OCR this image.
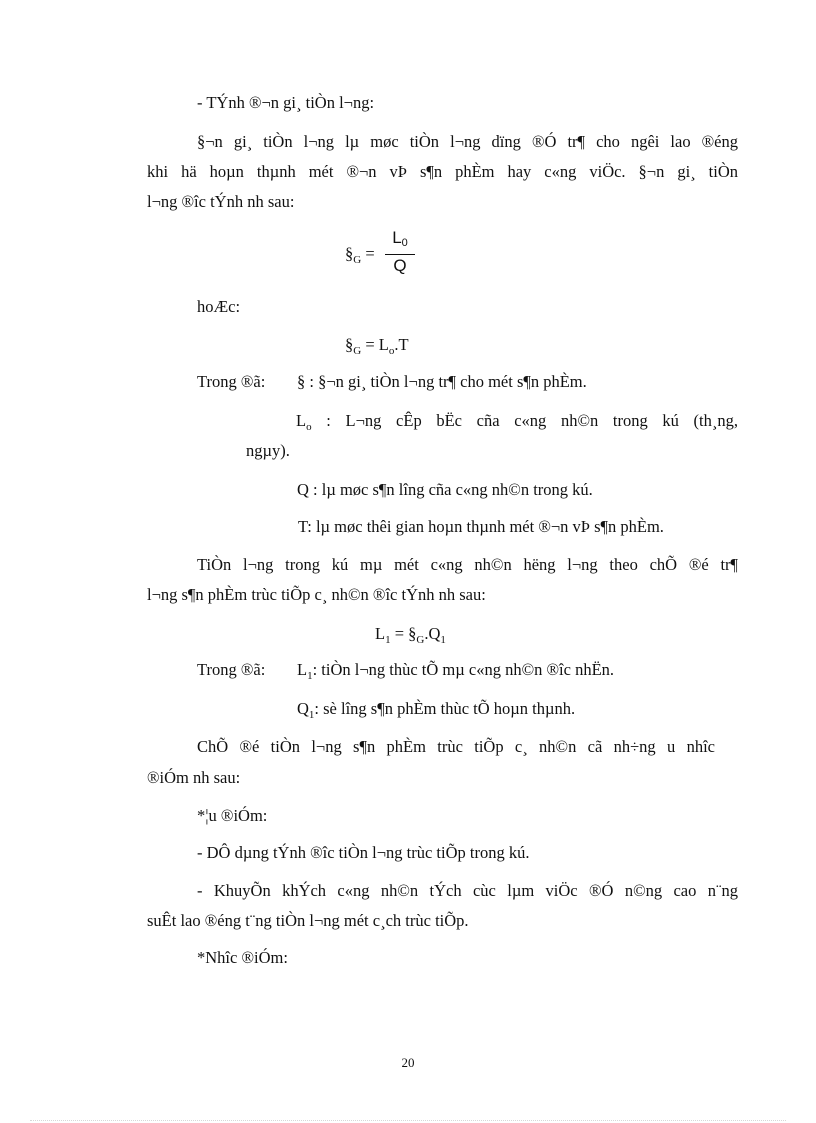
- TÝnh ®¬n gi¸ tiÒn l¬ng:
§¬n gi¸ tiÒn l¬ng lµ møc tiÒn l¬ng dïng ®Ó tr¶ cho ngêi lao ®éng
khi hä hoµn thµnh mét ®¬n vÞ s¶n phÈm hay c«ng viÖc. §¬n gi¸ tiÒn
l¬ng ®îc tÝnh nh sau:
$\S_G$ =
$L_0$
Q
hoÆc:
$\S_G = L_o.T$
Trong ®ã: § : §¬n gi¸ tiÒn l¬ng tr¶ cho mét s¶n phÈm.
$L_o$ : L¬ng cÊp bËc cña c«ng nh©n trong kú (th¸ng,
ngµy).
Q : lµ møc s¶n lîng cña c«ng nh©n trong kú.
T: lµ møc thêi gian hoµn thµnh mét ®¬n vÞ s¶n phÈm.
TiÒn l¬ng trong kú mµ mét c«ng nh©n hëng l¬ng theo chÕ ®é tr¶
l¬ng s¶n phÈm trùc tiÕp c¸ nh©n ®îc tÝnh nh sau:
$L_1$ = $\S_G.Q_1$
Trong ®ã: $L_1$: tiÒn l¬ng thùc tÕ mµ c«ng nh©n ®îc nhËn.
$Q_1$: sè lîng s¶n phÈm thùc tÕ hoµn thµnh.
ChÕ ®é tiÒn l¬ng s¶n phÈm trùc tiÕp c¸ nh©n cã nh÷ng u nhîc
®iÓm nh sau:
*¦u ®iÓm:
- DÔ dµng tÝnh ®îc tiÒn l¬ng trùc tiÕp trong kú.
- KhuyÕn khÝch c«ng nh©n tÝch cùc lµm viÖc ®Ó n©ng cao n¨ng
suÊt lao ®éng t¨ng tiÒn l¬ng mét c¸ch trùc tiÕp.
*Nhîc ®iÓm:
20
